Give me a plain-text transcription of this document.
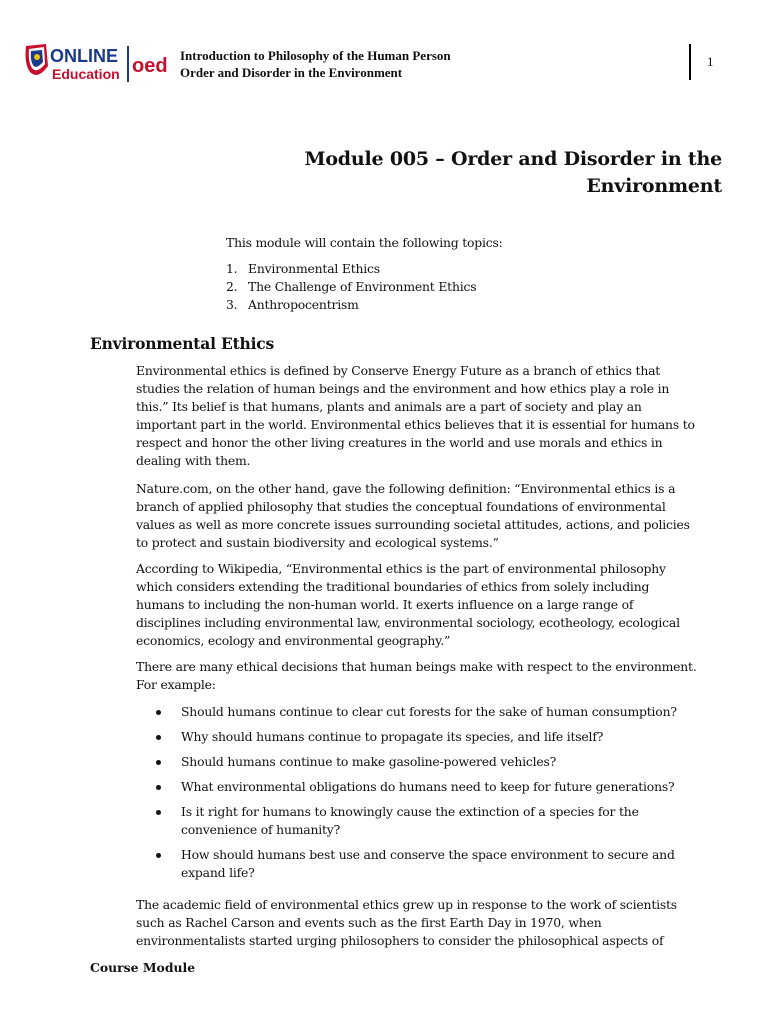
ONLINE
Education oed Introduction to Philosophy of the Human Person
Order and Disorder in the Environment
1
Module 005 – Order and Disorder in the
Environment
This module will contain the following topics:
1. Environmental Ethics
2. The Challenge of Environment Ethics
3. Anthropocentrism
Environmental Ethics
Environmental ethics is defined by Conserve Energy Future as a branch of ethics that
studies the relation of human beings and the environment and how ethics play a role in
this.” Its belief is that humans, plants and animals are a part of society and play an
important part in the world. Environmental ethics believes that it is essential for humans to
respect and honor the other living creatures in the world and use morals and ethics in
dealing with them.
Nature.com, on the other hand, gave the following definition: “Environmental ethics is a
branch of applied philosophy that studies the conceptual foundations of environmental
values as well as more concrete issues surrounding societal attitudes, actions, and policies
to protect and sustain biodiversity and ecological systems.”
According to Wikipedia, “Environmental ethics is the part of environmental philosophy
which considers extending the traditional boundaries of ethics from solely including
humans to including the non-human world. It exerts influence on a large range of
disciplines including environmental law, environmental sociology, ecotheology, ecological
economics, ecology and environmental geography.”
There are many ethical decisions that human beings make with respect to the environment.
For example:
Should humans continue to clear cut forests for the sake of human consumption?
Why should humans continue to propagate its species, and life itself?
Should humans continue to make gasoline-powered vehicles?
What environmental obligations do humans need to keep for future generations?
Is it right for humans to knowingly cause the extinction of a species for the
convenience of humanity?
How should humans best use and conserve the space environment to secure and
expand life?
The academic field of environmental ethics grew up in response to the work of scientists
such as Rachel Carson and events such as the first Earth Day in 1970, when
environmentalists started urging philosophers to consider the philosophical aspects of
Course Module
